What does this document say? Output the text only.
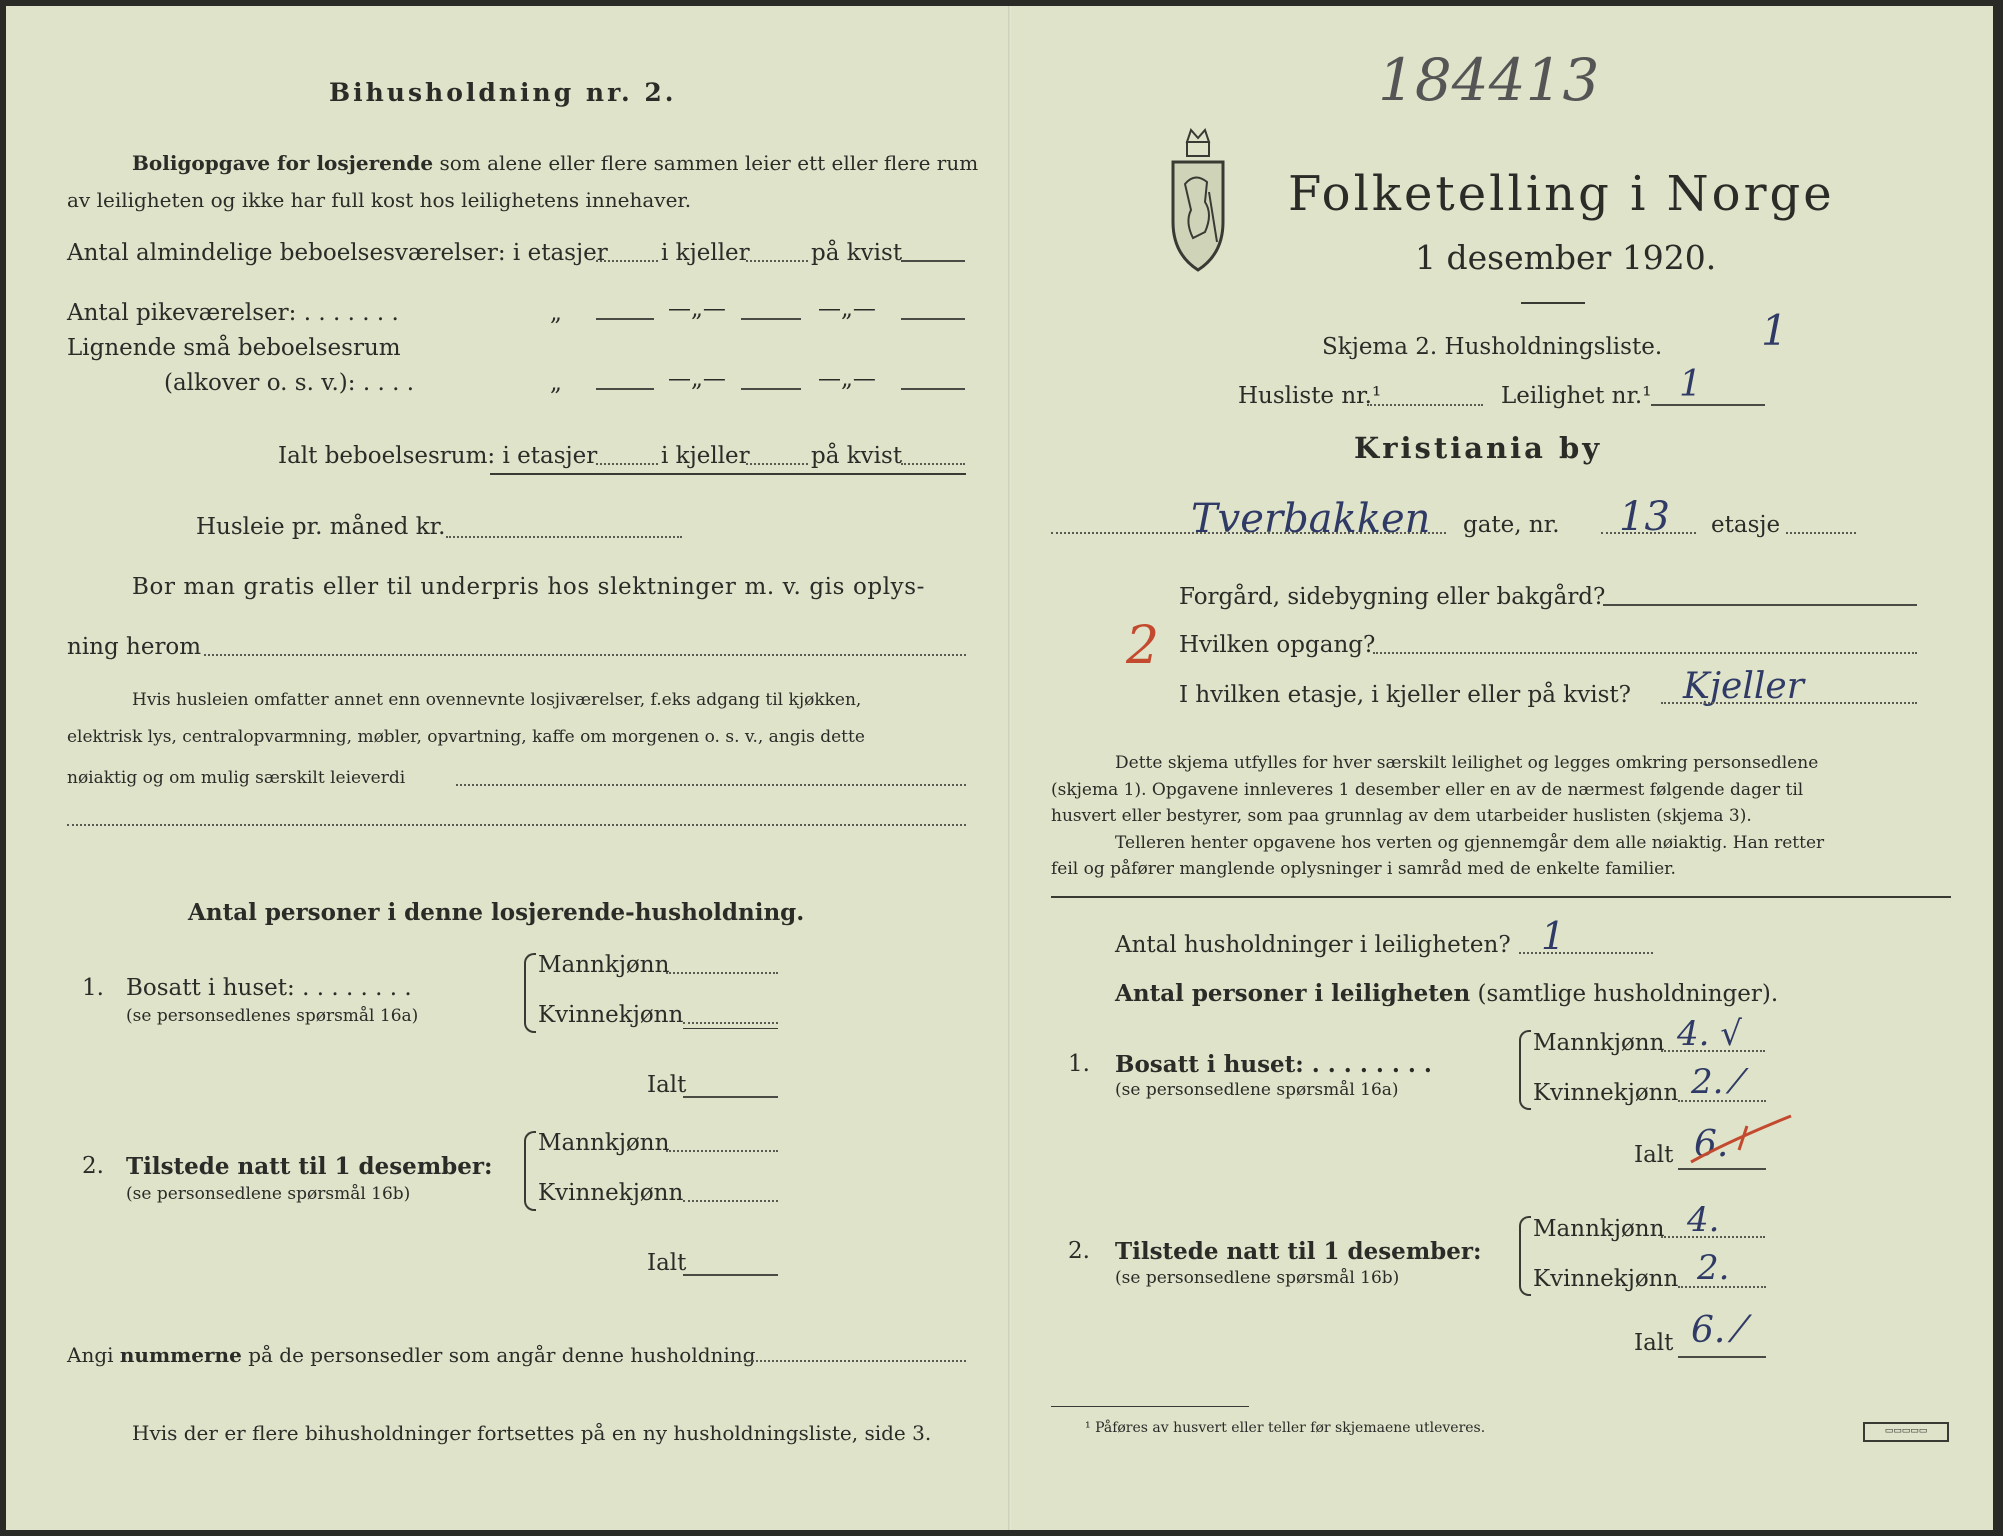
Bihusholdning nr. 2.
Boligopgave for losjerende som alene eller flere sammen leier ett eller flere rum
av leiligheten og ikke har full kost hos leilighetens innehaver.
Antal almindelige beboelsesværelser: i etasjer i kjeller	på kvist
Antal pikeværelser: . . . . . . .	„	—„—	—„—
Lignende små beboelsesrum
(alkover o. s. v.): . . . .	„	—„—	—„—
Ialt beboelsesrum: i etasjer	i kjeller	på kvist
Husleie pr. måned kr.
Bor man gratis eller til underpris hos slektninger m. v. gis oplys-
ning herom
Hvis husleien omfatter annet enn ovennevnte losjiværelser, f.eks adgang til kjøkken,
elektrisk lys, centralopvarmning, møbler, opvartning, kaffe om morgenen o. s. v., angis dette
nøiaktig og om mulig særskilt leieverdi
Antal personer i denne losjerende-husholdning.
1. Bosatt i huset: . . . . . . . .
(se personsedlenes spørsmål 16a)
Mannkjønn
Kvinnekjønn
Ialt
2. Tilstede natt til 1 desember:
(se personsedlene spørsmål 16b)
Mannkjønn
Kvinnekjønn
Ialt
Angi nummerne på de personsedler som angår denne husholdning
Hvis der er flere bihusholdninger fortsettes på en ny husholdningsliste, side 3.
184413
Folketelling i Norge
1 desember 1920.
Skjema 2. Husholdningsliste. 1
Husliste nr.¹	Leilighet nr.¹ 1
Kristiania by
Tverbakken gate, nr. 13 etasje
Forgård, sidebygning eller bakgård?
2 Hvilken opgang?
I hvilken etasje, i kjeller eller på kvist? Kjeller
Dette skjema utfylles for hver særskilt leilighet og legges omkring personsedlene
(skjema 1). Opgavene innleveres 1 desember eller en av de nærmest følgende dager til
husvert eller bestyrer, som paa grunnlag av dem utarbeider huslisten (skjema 3).
Telleren henter opgavene hos verten og gjennemgår dem alle nøiaktig. Han retter
feil og påfører manglende oplysninger i samråd med de enkelte familier.
Antal husholdninger i leiligheten? 1
Antal personer i leiligheten (samtlige husholdninger).
1. Bosatt i huset: . . . . . . . .
(se personsedlene spørsmål 16a)
Mannkjønn 4. √
Kvinnekjønn 2. ⁄
Ialt 6.
2. Tilstede natt til 1 desember:
(se personsedlene spørsmål 16b)
Mannkjønn 4.
Kvinnekjønn 2.
Ialt 6. ⁄
¹ Påføres av husvert eller teller før skjemaene utleveres.	▭▭▭▭▭
